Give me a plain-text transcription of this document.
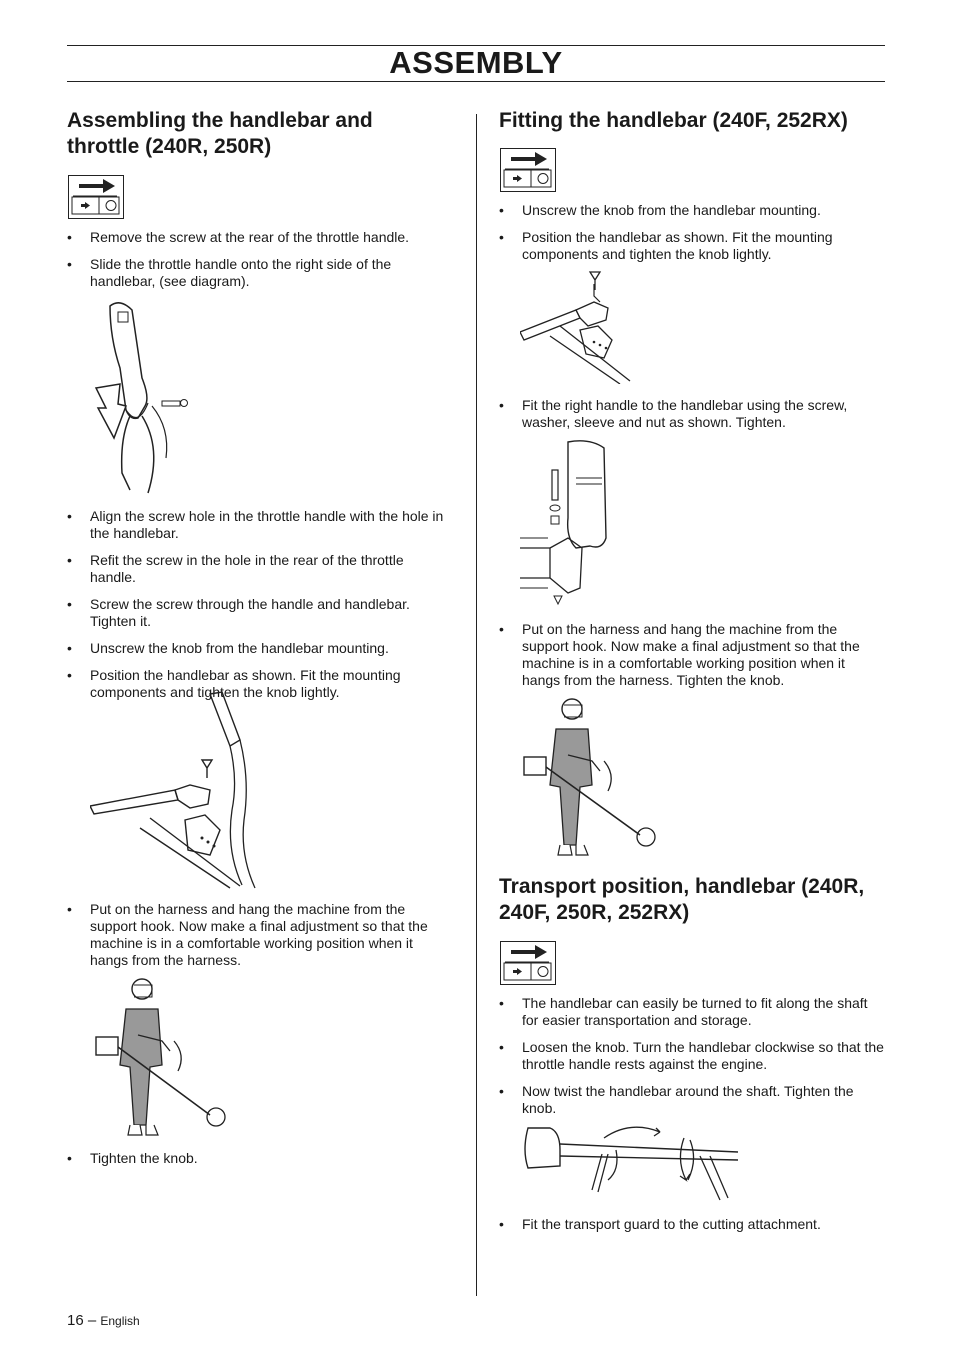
ASSEMBLY
Assembling the handlebar and throttle (240R, 250R)
• Remove the screw at the rear of the throttle handle.
• Slide the throttle handle onto the right side of the handlebar, (see diagram).
• Align the screw hole in the throttle handle with the hole in the handlebar.
• Refit the screw in the hole in the rear of the throttle handle.
• Screw the screw through the handle and handlebar. Tighten it.
• Unscrew the knob from the handlebar mounting.
• Position the handlebar as shown. Fit the mounting components and tighten the knob lightly.
• Put on the harness and hang the machine from the support hook. Now make a final adjustment so that the machine is in a comfortable working position when it hangs from the harness.
• Tighten the knob.
Fitting the handlebar (240F, 252RX)
• Unscrew the knob from the handlebar mounting.
• Position the handlebar as shown. Fit the mounting components and tighten the knob lightly.
• Fit the right handle to the handlebar using the screw, washer, sleeve and nut as shown. Tighten.
• Put on the harness and hang the machine from the support hook. Now make a final adjustment so that the machine is in a comfortable working position when it hangs from the harness. Tighten the knob.
Transport position, handlebar (240R, 240F, 250R, 252RX)
• The handlebar can easily be turned to fit along the shaft for easier transportation and storage.
• Loosen the knob. Turn the handlebar clockwise so that the throttle handle rests against the engine.
• Now twist the handlebar around the shaft. Tighten the knob.
• Fit the transport guard to the cutting attachment.
16 – English
